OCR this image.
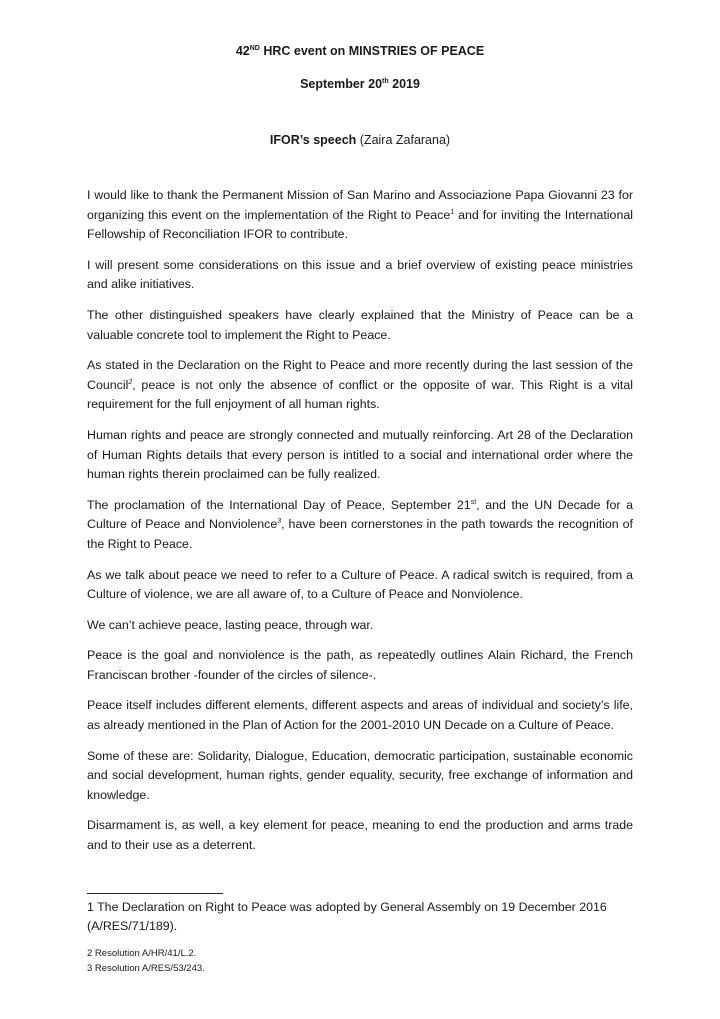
42ND HRC event on MINSTRIES OF PEACE
September 20th 2019
IFOR’s speech (Zaira Zafarana)

I would like to thank the Permanent Mission of San Marino and Associazione Papa Giovanni 23 for organizing this event on the implementation of the Right to Peace$^1$ and for inviting the International Fellowship of Reconciliation IFOR to contribute.

I will present some considerations on this issue and a brief overview of existing peace ministries and alike initiatives.

The other distinguished speakers have clearly explained that the Ministry of Peace can be a valuable concrete tool to implement the Right to Peace.

As stated in the Declaration on the Right to Peace and more recently during the last session of the Council$^2$, peace is not only the absence of conflict or the opposite of war. This Right is a vital requirement for the full enjoyment of all human rights.

Human rights and peace are strongly connected and mutually reinforcing. Art 28 of the Declaration of Human Rights details that every person is intitled to a social and international order where the human rights therein proclaimed can be fully realized.

The proclamation of the International Day of Peace, September 21st, and the UN Decade for a Culture of Peace and Nonviolence$^3$, have been cornerstones in the path towards the recognition of the Right to Peace.

As we talk about peace we need to refer to a Culture of Peace. A radical switch is required, from a Culture of violence, we are all aware of, to a Culture of Peace and Nonviolence.

We can’t achieve peace, lasting peace, through war.

Peace is the goal and nonviolence is the path, as repeatedly outlines Alain Richard, the French Franciscan brother -founder of the circles of silence-.

Peace itself includes different elements, different aspects and areas of individual and society’s life, as already mentioned in the Plan of Action for the 2001-2010 UN Decade on a Culture of Peace.

Some of these are: Solidarity, Dialogue, Education, democratic participation, sustainable economic and social development, human rights, gender equality, security, free exchange of information and knowledge.

Disarmament is, as well, a key element for peace, meaning to end the production and arms trade and to their use as a deterrent.

1 The Declaration on Right to Peace was adopted by General Assembly on 19 December 2016 (A/RES/71/189).
2 Resolution A/HR/41/L.2.
3 Resolution A/RES/53/243.
